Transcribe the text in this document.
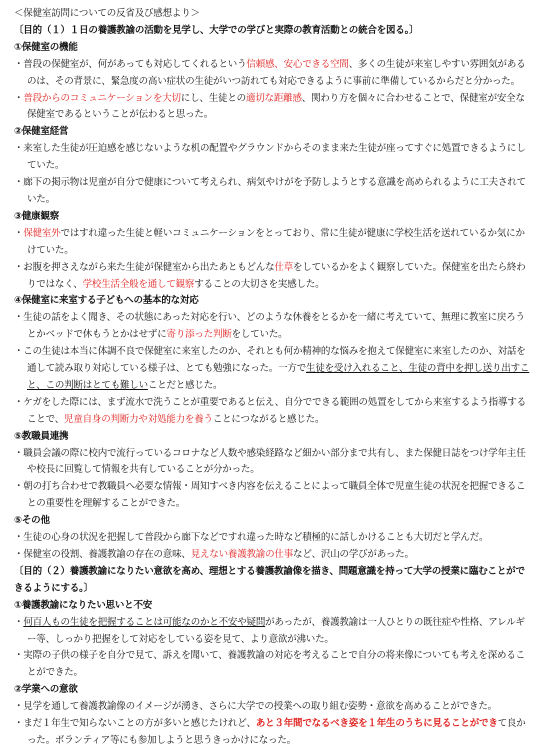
＜保健室訪問についての反省及び感想より＞
〔目的（１）１日の養護教諭の活動を見学し、大学での学びと実際の教育活動との統合を図る。〕
①保健室の機能
・普段の保健室が、何があっても対応してくれるという信頼感、安心できる空間、多くの生徒が来室しやすい雰囲気があるのは、その背景に、緊急度の高い症状の生徒がいつ訪れても対応できるように事前に準備しているからだと分かった。
・普段からのコミュニケーションを大切にし、生徒との適切な距離感、関わり方を個々に合わせることで、保健室が安全な保健室であるということが伝わると思った。
②保健室経営
・来室した生徒が圧迫感を感じないような机の配置やグラウンドからそのまま来た生徒が座ってすぐに処置できるようにしていた。
・廊下の掲示物は児童が自分で健康について考えられ、病気やけがを予防しようとする意識を高められるように工夫されていた。
③健康観察
・保健室外ではすれ違った生徒と軽いコミュニケーションをとっており、常に生徒が健康に学校生活を送れているか気にかけていた。
・お腹を押さえながら来た生徒が保健室から出たあともどんな仕草をしているかをよく観察していた。保健室を出たら終わりではなく、学校生活全般を通して観察することの大切さを実感した。
④保健室に来室する子どもへの基本的な対応
・生徒の話をよく聞き、その状態にあった対応を行い、どのような休養をとるかを一緒に考えていて、無理に教室に戻ろうとかベッドで休もうとかはせずに寄り添った判断をしていた。
・この生徒は本当に体調不良で保健室に来室したのか、それとも何か精神的な悩みを抱えて保健室に来室したのか、対話を通して読み取り対応している様子は、とても勉強になった。一方で生徒を受け入れること、生徒の背中を押し送り出すこと、この判断はとても難しいことだと感じた。
・ケガをした際には、まず流水で洗うことが重要であると伝え、自分でできる範囲の処置をしてから来室するよう指導することで、児童自身の判断力や対処能力を養うことにつながると感じた。
⑤教職員連携
・職員会議の際に校内で流行っているコロナなど人数や感染経路など細かい部分まで共有し、また保健日誌をつけ学年主任や校長に回覧して情報を共有していることが分かった。
・朝の打ち合わせで教職員へ必要な情報・周知すべき内容を伝えることによって職員全体で児童生徒の状況を把握できることの重要性を理解することができた。
⑤その他
・生徒の心身の状況を把握して普段から廊下などですれ違った時など積極的に話しかけることも大切だと学んだ。
・保健室の役割、養護教諭の存在の意味、見えない養護教諭の仕事など、沢山の学びがあった。
〔目的（２）養護教諭になりたい意欲を高め、理想とする養護教諭像を描き、問題意識を持って大学の授業に臨むことができるようにする。〕
①養護教諭になりたい思いと不安
・何百人もの生徒を把握することは可能なのかと不安や疑問があったが、養護教諭は一人ひとりの既往症や性格、アレルギー等、しっかり把握をして対応をしている姿を見て、より意欲が沸いた。
・実際の子供の様子を自分で見て、訴えを聞いて、養護教諭の対応を考えることで自分の将来像についても考えを深めることができた。
②学業への意欲
・見学を通して養護教諭像のイメージが湧き、さらに大学での授業への取り組む姿勢・意欲を高めることができた。
・まだ１年生で知らないことの方が多いと感じたけれど、あと３年間でなるべき姿を１年生のうちに見ることができて良かった。ボランティア等にも参加しようと思うきっかけになった。
